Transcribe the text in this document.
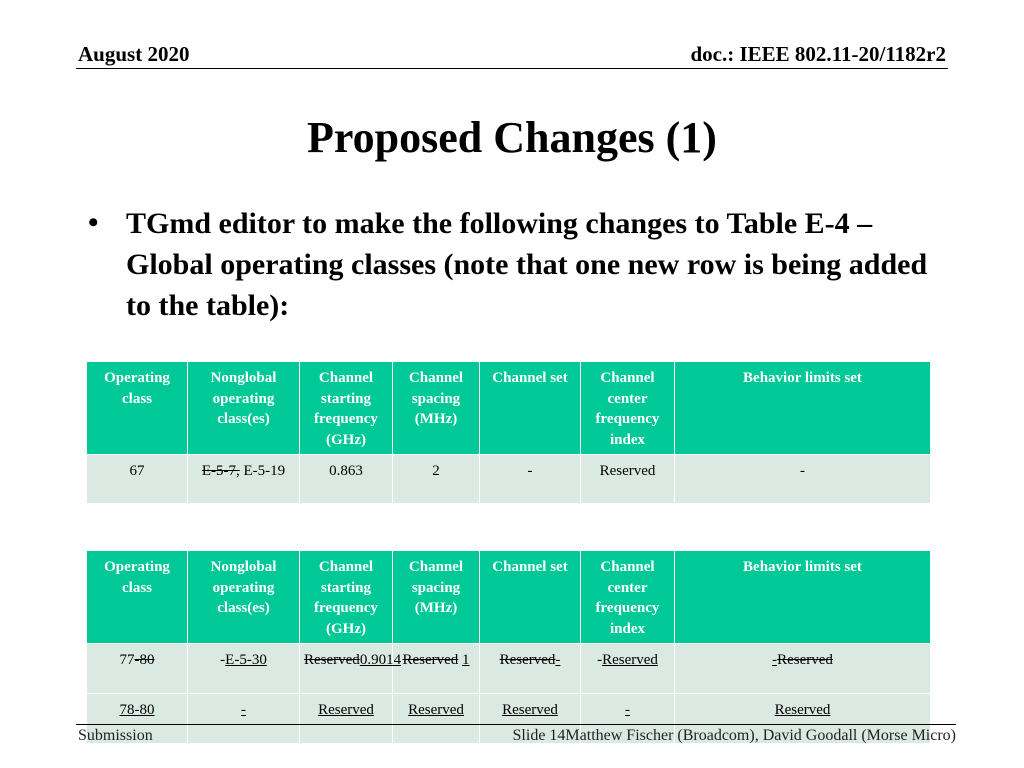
August 2020	doc.: IEEE 802.11-20/1182r2
Proposed Changes (1)
• TGmd editor to make the following changes to Table E-4 – Global operating classes (note that one new row is being added to the table):
Operating class	Nonglobal operating class(es)	Channel starting frequency (GHz)	Channel spacing (MHz)	Channel set	Channel center frequency index	Behavior limits set
67	E-5-7, E-5-19	0.863	2	-	Reserved	-
Operating class	Nonglobal operating class(es)	Channel starting frequency (GHz)	Channel spacing (MHz)	Channel set	Channel center frequency index	Behavior limits set
77-80	-E-5-30	Reserved0.9014	Reserved 1	Reserved-	-Reserved	-Reserved
78-80	-	Reserved	Reserved	Reserved	-	Reserved
Submission	Slide 14Matthew Fischer (Broadcom), David Goodall (Morse Micro)
